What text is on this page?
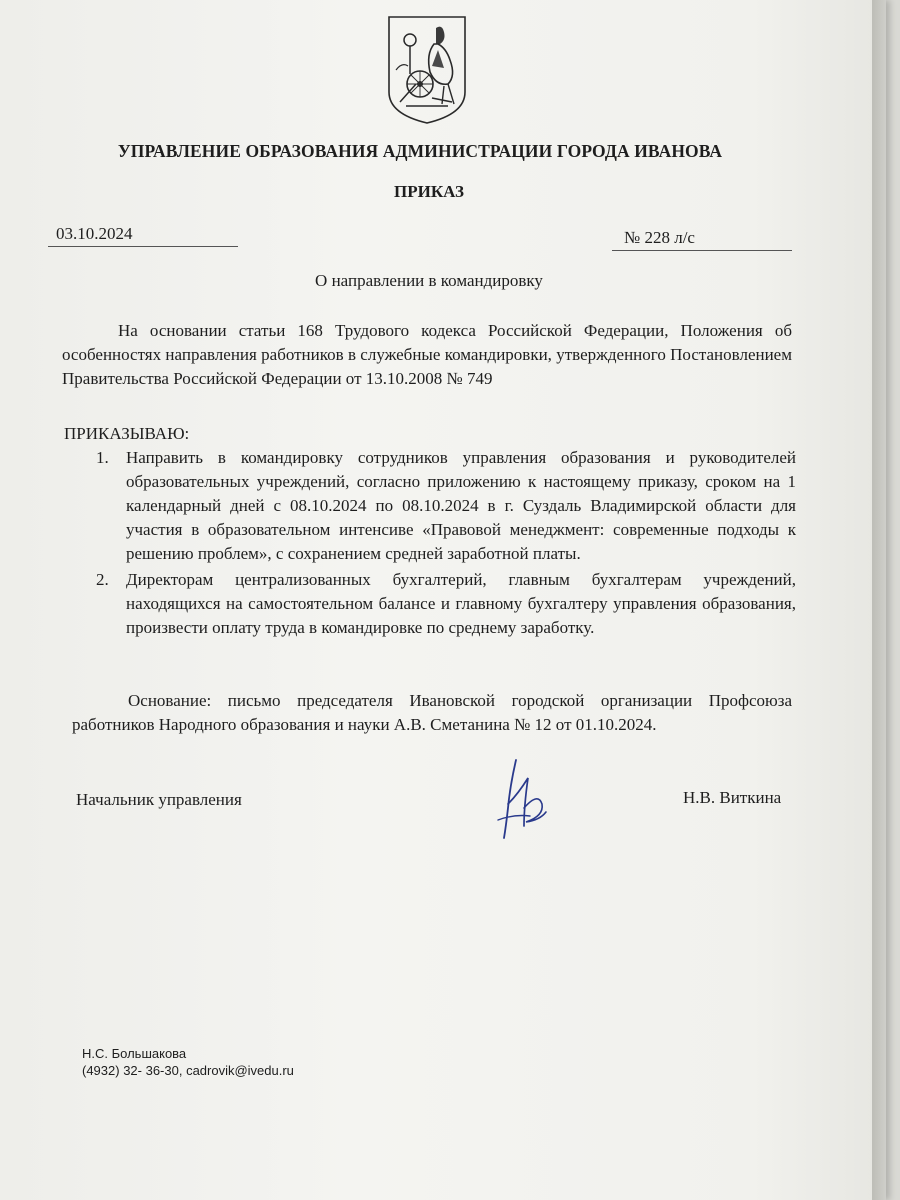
УПРАВЛЕНИЕ ОБРАЗОВАНИЯ АДМИНИСТРАЦИИ ГОРОДА ИВАНОВА
ПРИКАЗ
03.10.2024	№ 228 л/с
О направлении в командировку
На основании статьи 168 Трудового кодекса Российской Федерации, Положения об особенностях направления работников в служебные командировки, утвержденного Постановлением Правительства Российской Федерации от 13.10.2008 № 749
ПРИКАЗЫВАЮ:
1. Направить в командировку сотрудников управления образования и руководителей образовательных учреждений, согласно приложению к настоящему приказу, сроком на 1 календарный дней с 08.10.2024 по 08.10.2024 в г. Суздаль Владимирской области для участия в образовательном интенсиве «Правовой менеджмент: современные подходы к решению проблем», с сохранением средней заработной платы.
2. Директорам централизованных бухгалтерий, главным бухгалтерам учреждений, находящихся на самостоятельном балансе и главному бухгалтеру управления образования, произвести оплату труда в командировке по среднему заработку.
Основание: письмо председателя Ивановской городской организации Профсоюза работников Народного образования и науки А.В. Сметанина № 12 от 01.10.2024.
Начальник управления	Н.В. Виткина
Н.С. Большакова
(4932) 32- 36-30, cadrovik@ivedu.ru
